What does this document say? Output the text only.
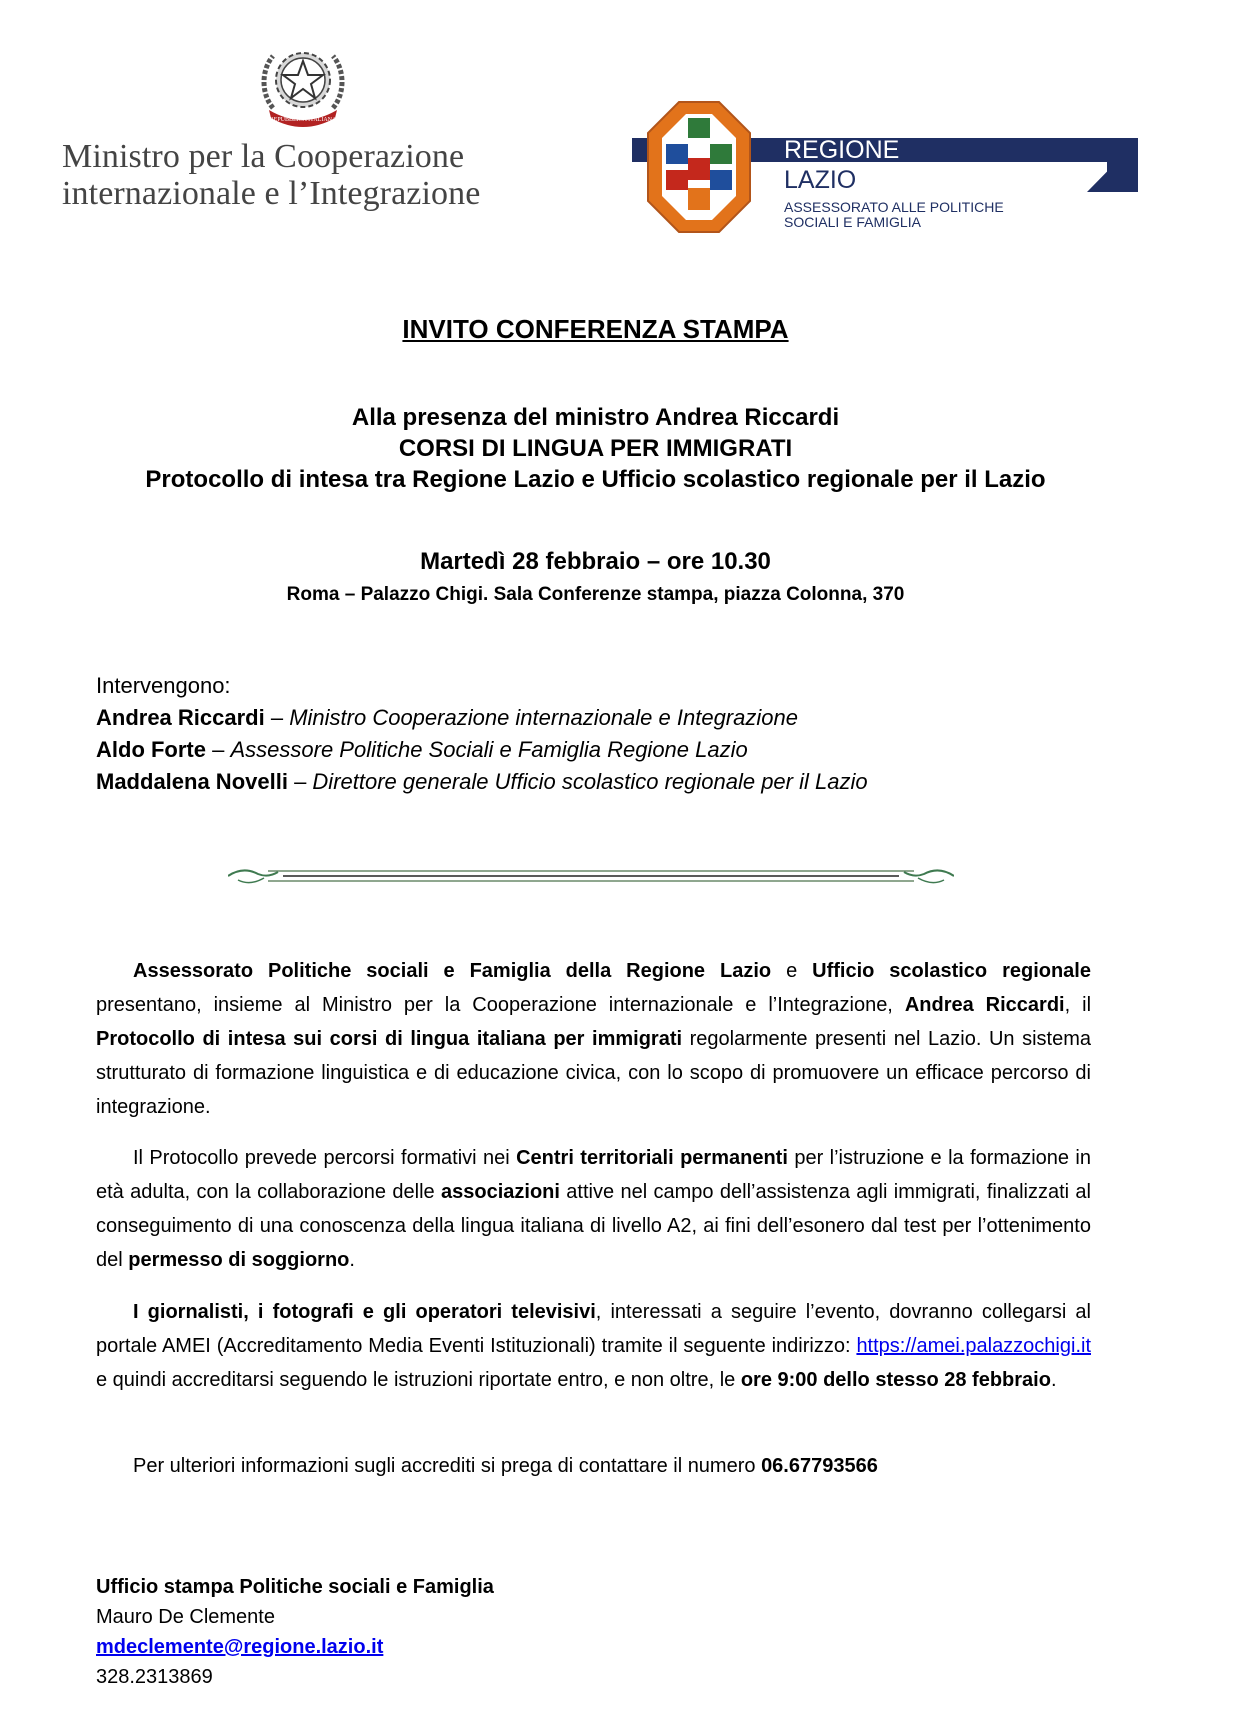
REPUBBLICA ITALIANA
Ministro per la Cooperazione
internazionale e l’Integrazione
REGIONE
LAZIO
ASSESSORATO ALLE POLITICHE
SOCIALI E FAMIGLIA
INVITO CONFERENZA STAMPA
Alla presenza del ministro Andrea Riccardi
CORSI DI LINGUA PER IMMIGRATI
Protocollo di intesa tra Regione Lazio e Ufficio scolastico regionale per il Lazio
Martedì 28 febbraio – ore 10.30
Roma – Palazzo Chigi. Sala Conferenze stampa, piazza Colonna, 370
Intervengono:
Andrea Riccardi – Ministro Cooperazione internazionale e Integrazione
Aldo Forte – Assessore Politiche Sociali e Famiglia Regione Lazio
Maddalena Novelli – Direttore generale Ufficio scolastico regionale per il Lazio
Assessorato Politiche sociali e Famiglia della Regione Lazio e Ufficio scolastico regionale presentano, insieme al Ministro per la Cooperazione internazionale e l’Integrazione, Andrea Riccardi, il Protocollo di intesa sui corsi di lingua italiana per immigrati regolarmente presenti nel Lazio. Un sistema strutturato di formazione linguistica e di educazione civica, con lo scopo di promuovere un efficace percorso di integrazione.
Il Protocollo prevede percorsi formativi nei Centri territoriali permanenti per l’istruzione e la formazione in età adulta, con la collaborazione delle associazioni attive nel campo dell’assistenza agli immigrati, finalizzati al conseguimento di una conoscenza della lingua italiana di livello A2, ai fini dell’esonero dal test per l’ottenimento del permesso di soggiorno.
I giornalisti, i fotografi e gli operatori televisivi, interessati a seguire l’evento, dovranno collegarsi al portale AMEI (Accreditamento Media Eventi Istituzionali) tramite il seguente indirizzo: https://amei.palazzochigi.it e quindi accreditarsi seguendo le istruzioni riportate entro, e non oltre, le ore 9:00 dello stesso 28 febbraio.
Per ulteriori informazioni sugli accrediti si prega di contattare il numero 06.67793566
Ufficio stampa Politiche sociali e Famiglia
Mauro De Clemente
mdeclemente@regione.lazio.it
328.2313869
